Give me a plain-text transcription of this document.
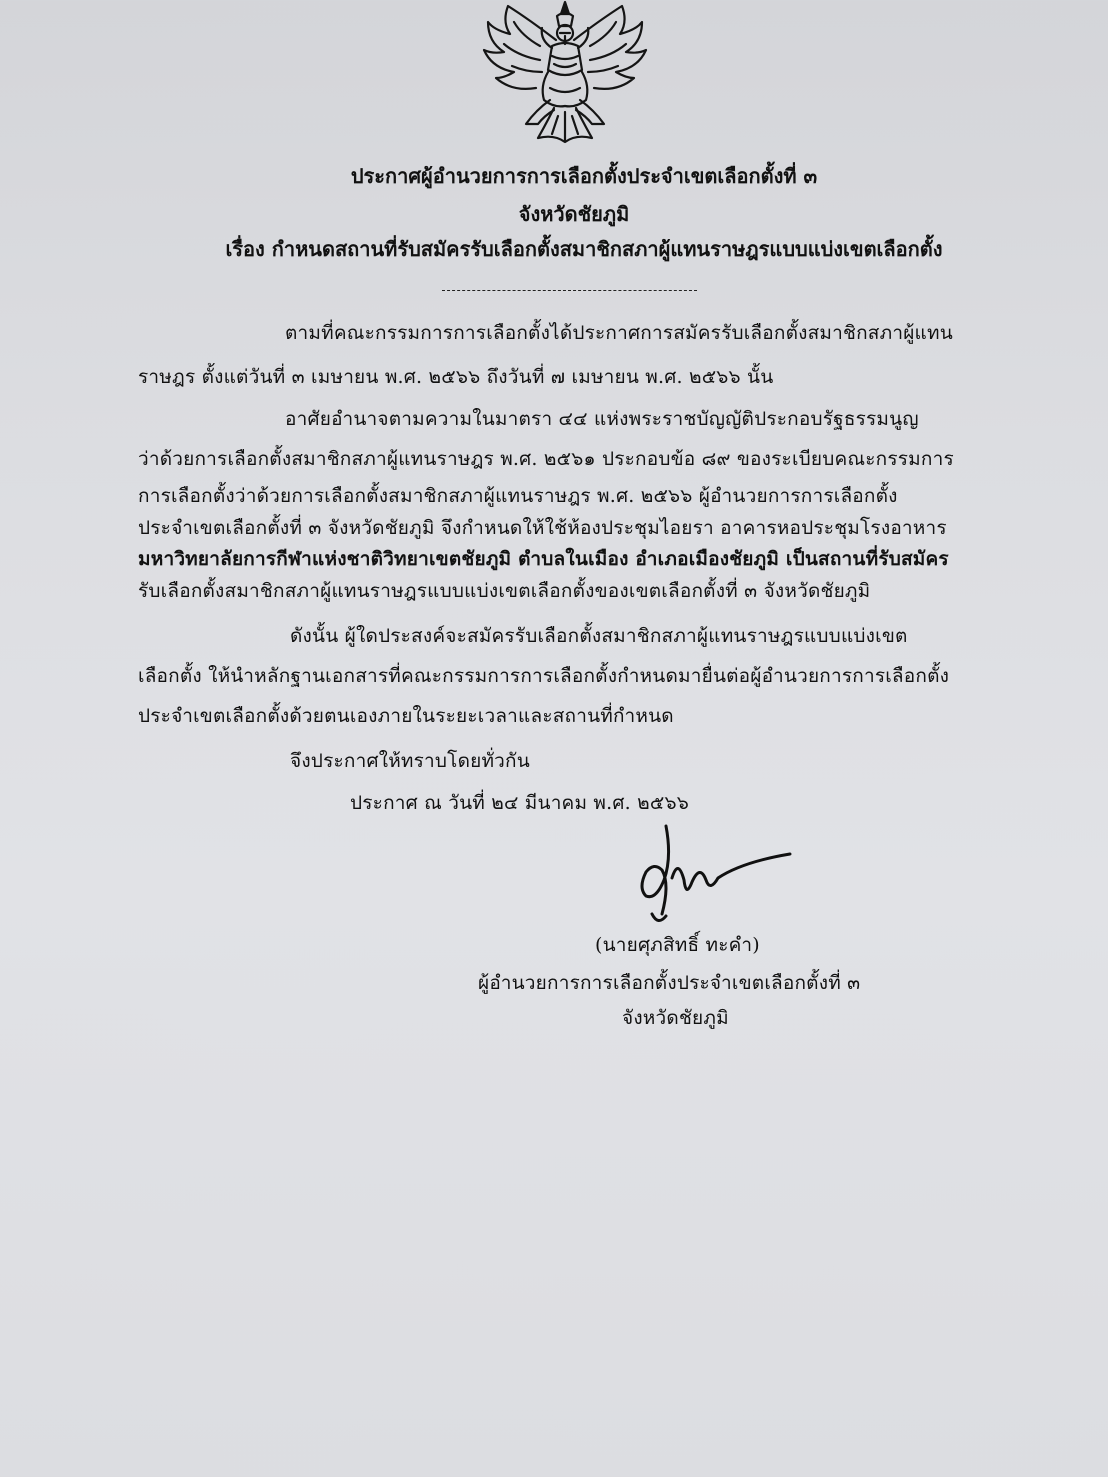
ประกาศผู้อำนวยการการเลือกตั้งประจำเขตเลือกตั้งที่ ๓
จังหวัดชัยภูมิ
เรื่อง กำหนดสถานที่รับสมัครรับเลือกตั้งสมาชิกสภาผู้แทนราษฎรแบบแบ่งเขตเลือกตั้ง
ตามที่คณะกรรมการการเลือกตั้งได้ประกาศการสมัครรับเลือกตั้งสมาชิกสภาผู้แทน
ราษฎร ตั้งแต่วันที่ ๓ เมษายน พ.ศ. ๒๕๖๖ ถึงวันที่ ๗ เมษายน พ.ศ. ๒๕๖๖ นั้น
อาศัยอำนาจตามความในมาตรา ๔๔ แห่งพระราชบัญญัติประกอบรัฐธรรมนูญ
ว่าด้วยการเลือกตั้งสมาชิกสภาผู้แทนราษฎร พ.ศ. ๒๕๖๑ ประกอบข้อ ๘๙ ของระเบียบคณะกรรมการ
การเลือกตั้งว่าด้วยการเลือกตั้งสมาชิกสภาผู้แทนราษฎร พ.ศ. ๒๕๖๖ ผู้อำนวยการการเลือกตั้ง
ประจำเขตเลือกตั้งที่ ๓ จังหวัดชัยภูมิ จึงกำหนดให้ใช้ห้องประชุมไอยรา อาคารหอประชุมโรงอาหาร
มหาวิทยาลัยการกีฬาแห่งชาติวิทยาเขตชัยภูมิ ตำบลในเมือง อำเภอเมืองชัยภูมิ เป็นสถานที่รับสมัคร
รับเลือกตั้งสมาชิกสภาผู้แทนราษฎรแบบแบ่งเขตเลือกตั้งของเขตเลือกตั้งที่ ๓ จังหวัดชัยภูมิ
ดังนั้น ผู้ใดประสงค์จะสมัครรับเลือกตั้งสมาชิกสภาผู้แทนราษฎรแบบแบ่งเขต
เลือกตั้ง ให้นำหลักฐานเอกสารที่คณะกรรมการการเลือกตั้งกำหนดมายื่นต่อผู้อำนวยการการเลือกตั้ง
ประจำเขตเลือกตั้งด้วยตนเองภายในระยะเวลาและสถานที่กำหนด
จึงประกาศให้ทราบโดยทั่วกัน
ประกาศ ณ วันที่ ๒๔ มีนาคม พ.ศ. ๒๕๖๖
(นายศุภสิทธิ์ ทะคำ)
ผู้อำนวยการการเลือกตั้งประจำเขตเลือกตั้งที่ ๓
จังหวัดชัยภูมิ
